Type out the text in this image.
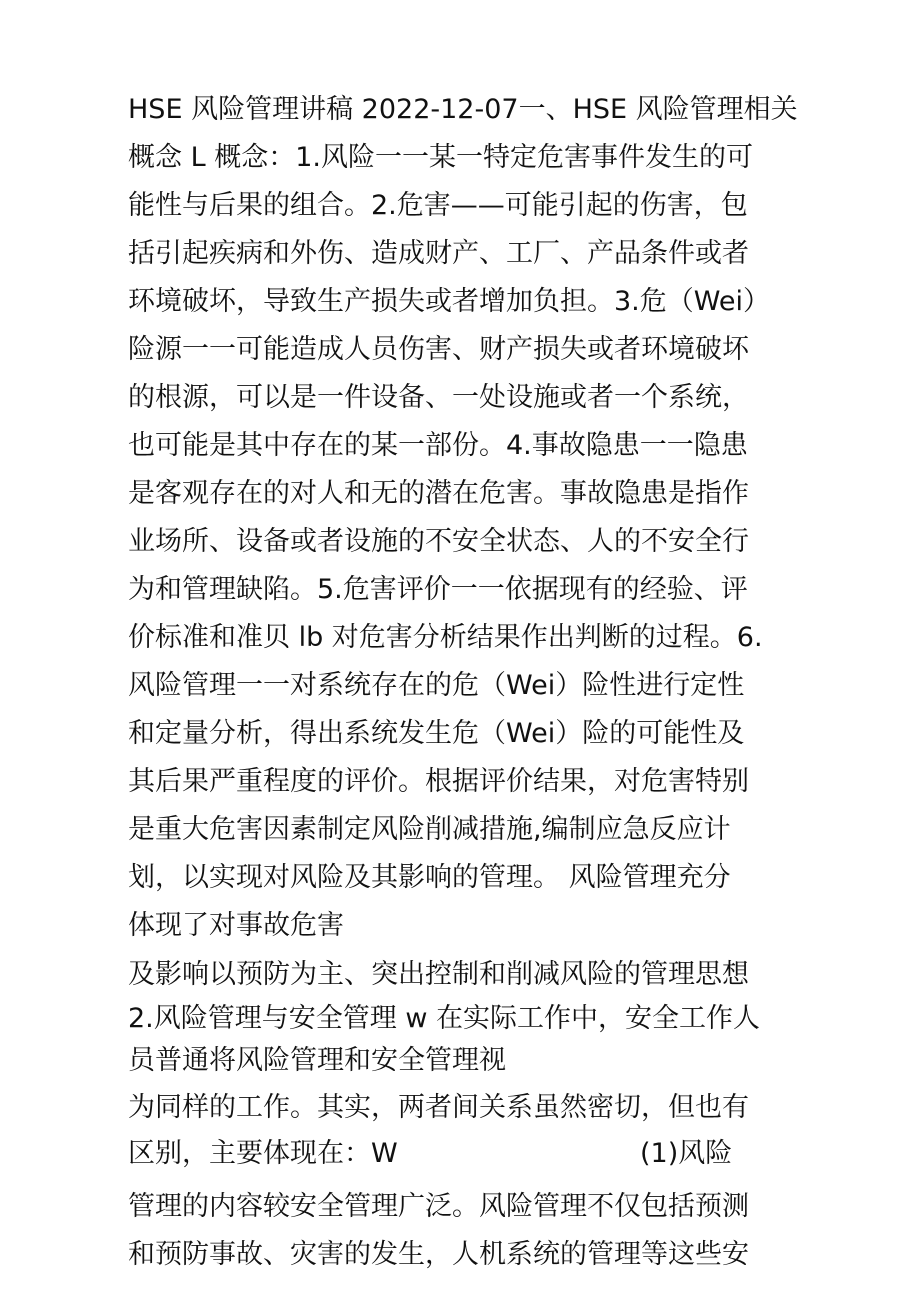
HSE 风险管理讲稿 2022-12-07一、HSE 风险管理相关
概念 L 概念：1.风险一一某一特定危害事件发生的可
能性与后果的组合。2.危害——可能引起的伤害，包
括引起疾病和外伤、造成财产、工厂、产品条件或者
环境破坏，导致生产损失或者增加负担。3.危（Wei）
险源一一可能造成人员伤害、财产损失或者环境破坏
的根源，可以是一件设备、一处设施或者一个系统，
也可能是其中存在的某一部份。4.事故隐患一一隐患
是客观存在的对人和无的潜在危害。事故隐患是指作
业场所、设备或者设施的不安全状态、人的不安全行
为和管理缺陷。5.危害评价一一依据现有的经验、评
价标准和准贝 lb 对危害分析结果作出判断的过程。6.
风险管理一一对系统存在的危（Wei）险性进行定性
和定量分析，得出系统发生危（Wei）险的可能性及
其后果严重程度的评价。根据评价结果，对危害特别
是重大危害因素制定风险削减措施,编制应急反应计
划，以实现对风险及其影响的管理。 风险管理充分
体现了对事故危害
及影响以预防为主、突出控制和削减风险的管理思想
2.风险管理与安全管理 w 在实际工作中，安全工作人
员普通将风险管理和安全管理视
为同样的工作。其实，两者间关系虽然密切，但也有
区别，主要体现在：W	(1)风险
管理的内容较安全管理广泛。风险管理不仅包括预测
和预防事故、灾害的发生，人机系统的管理等这些安
